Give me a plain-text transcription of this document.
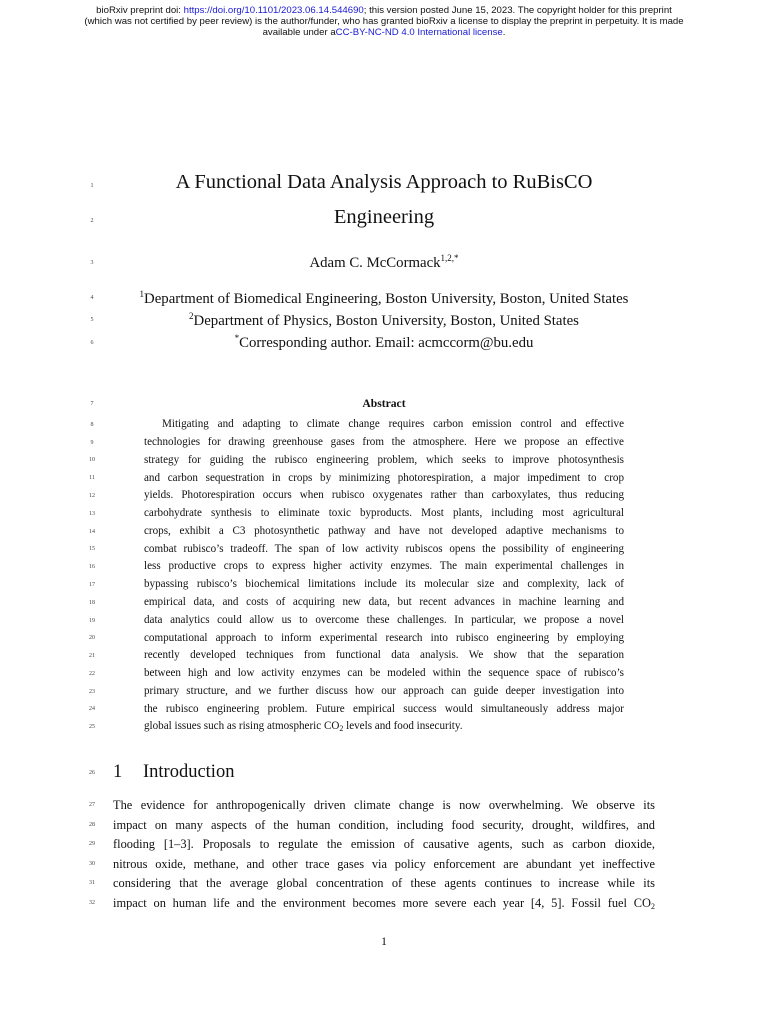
bioRxiv preprint doi: https://doi.org/10.1101/2023.06.14.544690; this version posted June 15, 2023. The copyright holder for this preprint
(which was not certified by peer review) is the author/funder, who has granted bioRxiv a license to display the preprint in perpetuity. It is made
available under aCC-BY-NC-ND 4.0 International license.
1
2
3
4
5
6
7
8
9
10
11
12
13
14
15
16
17
18
19
20
21
22
23
24
25
26
27
28
29
30
31
32
A Functional Data Analysis Approach to RuBisCO
Engineering
Adam C. McCormack$^{1,2,*}$
$^1$Department of Biomedical Engineering, Boston University, Boston, United States
$^2$Department of Physics, Boston University, Boston, United States
*Corresponding author. Email: acmccorm@bu.edu
Abstract
Mitigating and adapting to climate change requires carbon emission control and effective
technologies for drawing greenhouse gases from the atmosphere. Here we propose an effective
strategy for guiding the rubisco engineering problem, which seeks to improve photosynthesis
and carbon sequestration in crops by minimizing photorespiration, a major impediment to crop
yields. Photorespiration occurs when rubisco oxygenates rather than carboxylates, thus reducing
carbohydrate synthesis to eliminate toxic byproducts. Most plants, including most agricultural
crops, exhibit a C3 photosynthetic pathway and have not developed adaptive mechanisms to
combat rubisco’s tradeoff. The span of low activity rubiscos opens the possibility of engineering
less productive crops to express higher activity enzymes. The main experimental challenges in
bypassing rubisco’s biochemical limitations include its molecular size and complexity, lack of
empirical data, and costs of acquiring new data, but recent advances in machine learning and
data analytics could allow us to overcome these challenges. In particular, we propose a novel
computational approach to inform experimental research into rubisco engineering by employing
recently developed techniques from functional data analysis. We show that the separation
between high and low activity enzymes can be modeled within the sequence space of rubisco’s
primary structure, and we further discuss how our approach can guide deeper investigation into
the rubisco engineering problem. Future empirical success would simultaneously address major
global issues such as rising atmospheric $CO_2$ levels and food insecurity.
1 Introduction
The evidence for anthropogenically driven climate change is now overwhelming. We observe its
impact on many aspects of the human condition, including food security, drought, wildfires, and
flooding [1–3]. Proposals to regulate the emission of causative agents, such as carbon dioxide,
nitrous oxide, methane, and other trace gases via policy enforcement are abundant yet ineffective
considering that the average global concentration of these agents continues to increase while its
impact on human life and the environment becomes more severe each year [4, 5]. Fossil fuel $CO_2$
1
